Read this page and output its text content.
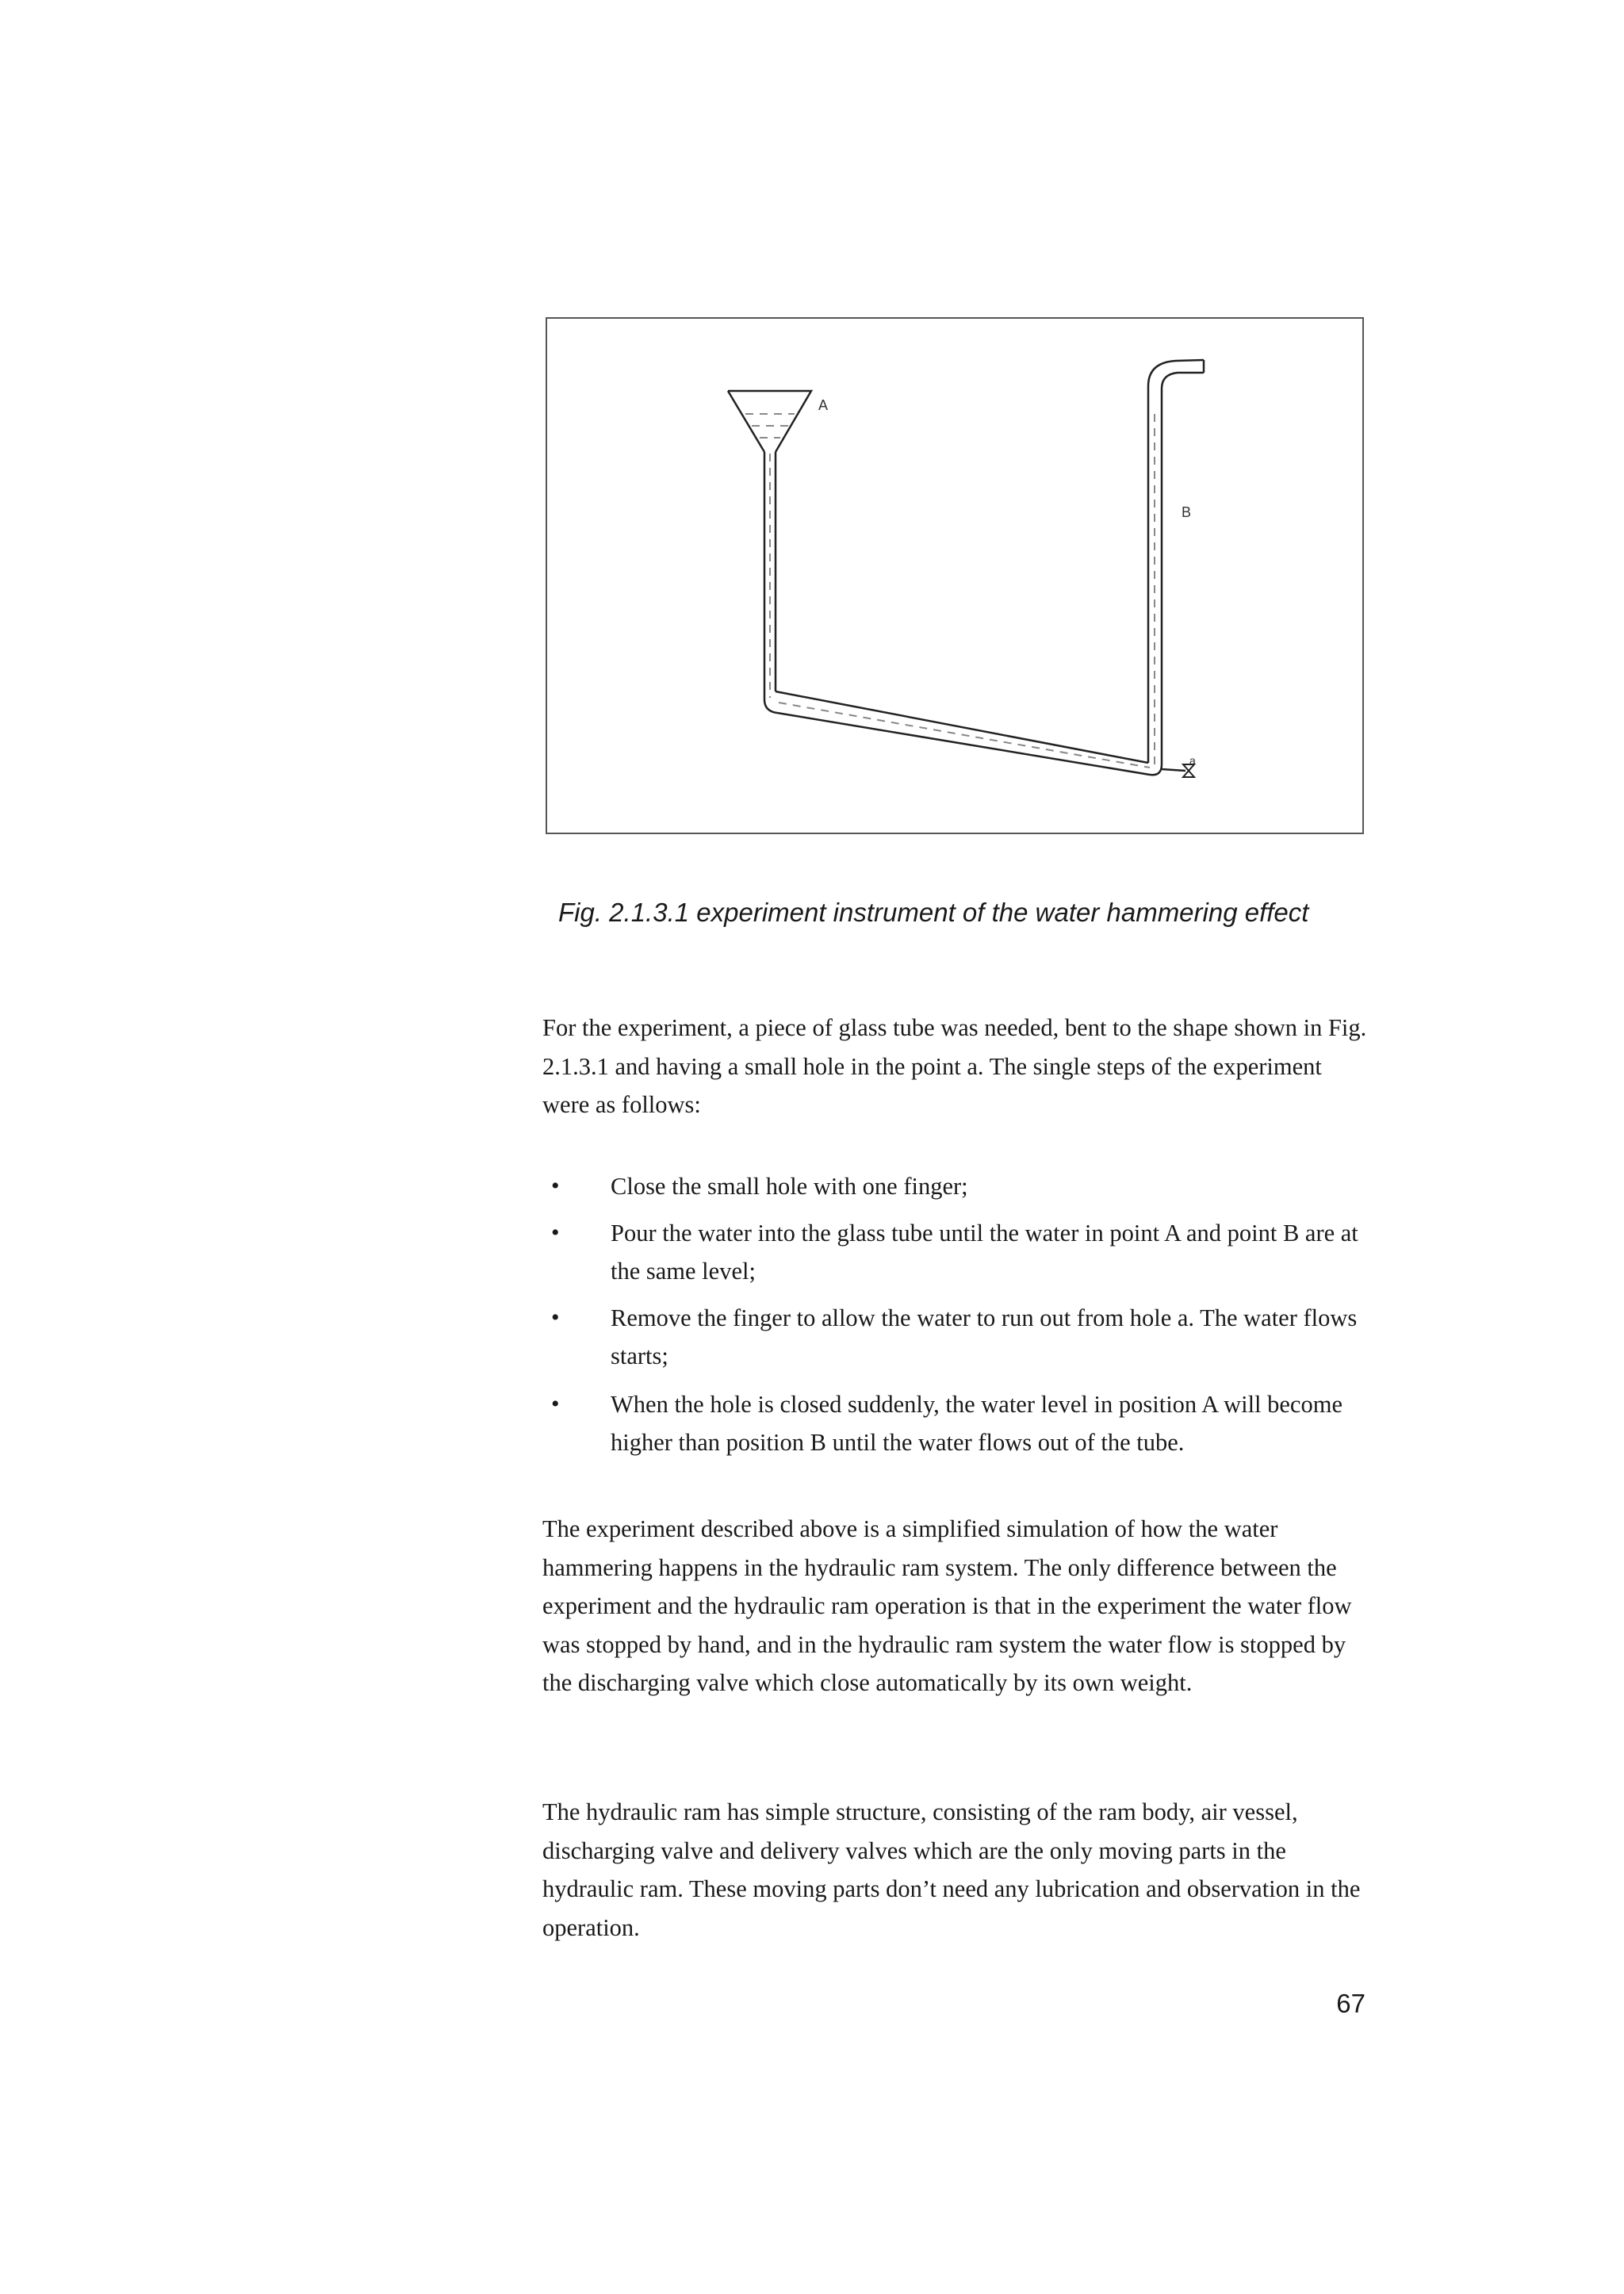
A
B
a
Fig. 2.1.3.1 experiment instrument of the water hammering effect

For the experiment, a piece of glass tube was needed, bent to the shape shown in Fig. 2.1.3.1 and having a small hole in the point a. The single steps of the experiment were as follows:

• Close the small hole with one finger;
• Pour the water into the glass tube until the water in point A and point B are at the same level;
• Remove the finger to allow the water to run out from hole a. The water flows starts;
• When the hole is closed suddenly, the water level in position A will become higher than position B until the water flows out of the tube.

The experiment described above is a simplified simulation of how the water hammering happens in the hydraulic ram system. The only difference between the experiment and the hydraulic ram operation is that in the experiment the water flow was stopped by hand, and in the hydraulic ram system the water flow is stopped by the discharging valve which close automatically by its own weight.

The hydraulic ram has simple structure, consisting of the ram body, air vessel, discharging valve and delivery valves which are the only moving parts in the hydraulic ram. These moving parts don’t need any lubrication and observation in the operation.

67
